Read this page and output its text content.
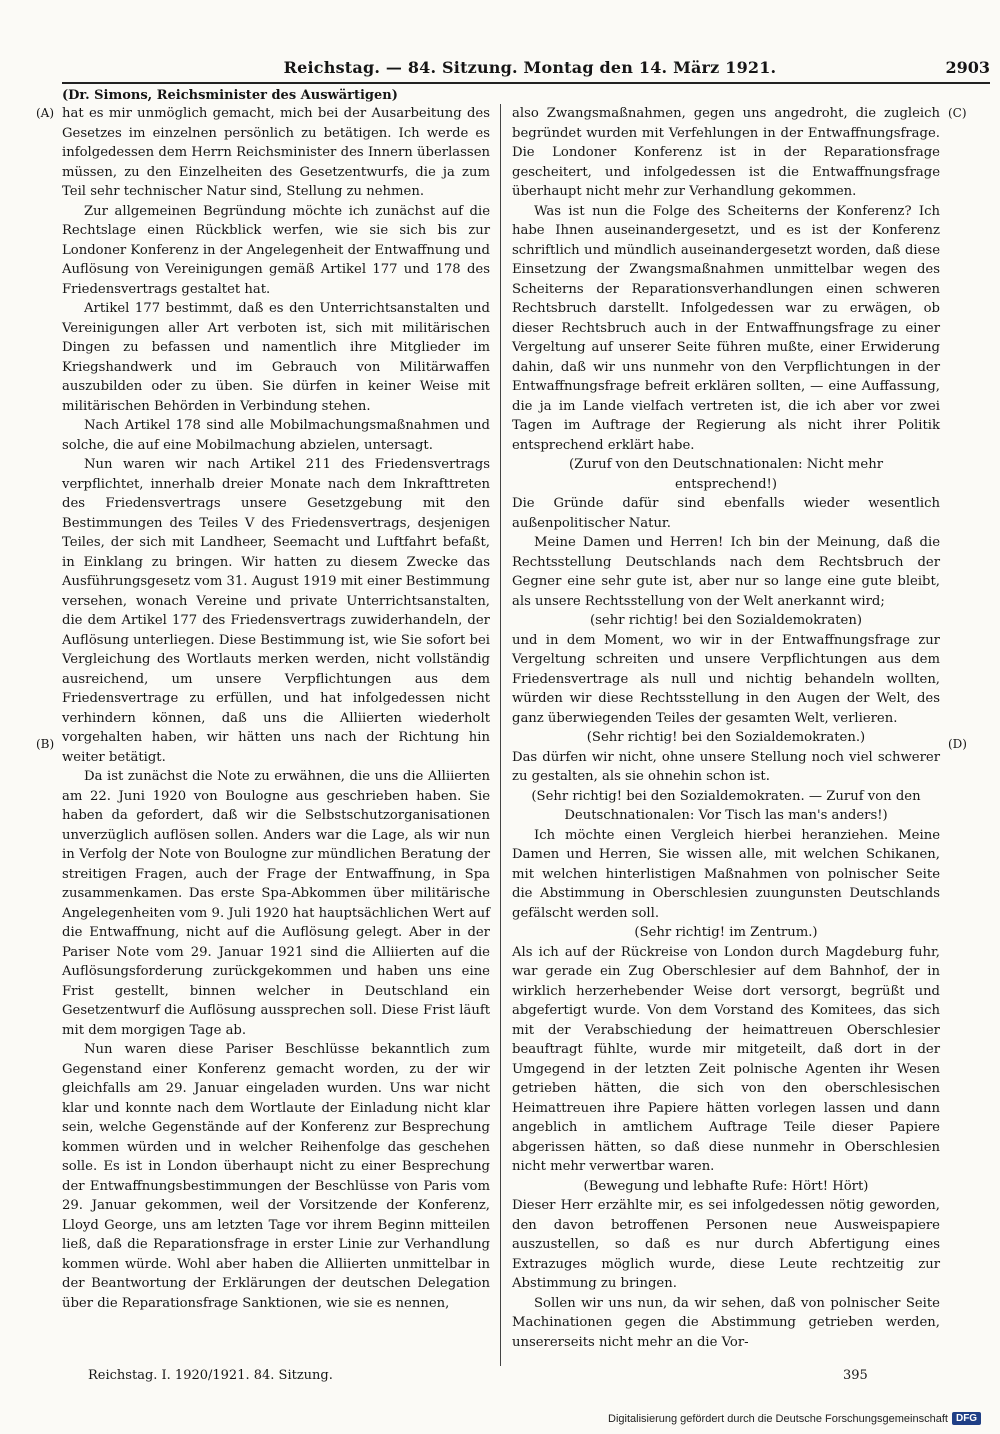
Reichstag. — 84. Sitzung. Montag den 14. März 1921.	2903
(Dr. Simons, Reichsminister des Auswärtigen)
(A)
(B)
(C)
(D)

hat es mir unmöglich gemacht, mich bei der Ausarbeitung des Gesetzes im einzelnen persönlich zu betätigen. Ich werde es infolgedessen dem Herrn Reichsminister des Innern überlassen müssen, zu den Einzelheiten des Gesetzentwurfs, die ja zum Teil sehr technischer Natur sind, Stellung zu nehmen.

Zur allgemeinen Begründung möchte ich zunächst auf die Rechtslage einen Rückblick werfen, wie sie sich bis zur Londoner Konferenz in der Angelegenheit der Entwaffnung und Auflösung von Vereinigungen gemäß Artikel 177 und 178 des Friedensvertrags gestaltet hat.

Artikel 177 bestimmt, daß es den Unterrichtsanstalten und Vereinigungen aller Art verboten ist, sich mit militärischen Dingen zu befassen und namentlich ihre Mitglieder im Kriegshandwerk und im Gebrauch von Militärwaffen auszubilden oder zu üben. Sie dürfen in keiner Weise mit militärischen Behörden in Verbindung stehen.

Nach Artikel 178 sind alle Mobilmachungsmaßnahmen und solche, die auf eine Mobilmachung abzielen, untersagt.

Nun waren wir nach Artikel 211 des Friedensvertrags verpflichtet, innerhalb dreier Monate nach dem Inkrafttreten des Friedensvertrags unsere Gesetzgebung mit den Bestimmungen des Teiles V des Friedensvertrags, desjenigen Teiles, der sich mit Landheer, Seemacht und Luftfahrt befaßt, in Einklang zu bringen. Wir hatten zu diesem Zwecke das Ausführungsgesetz vom 31. August 1919 mit einer Bestimmung versehen, wonach Vereine und private Unterrichtsanstalten, die dem Artikel 177 des Friedensvertrags zuwiderhandeln, der Auflösung unterliegen. Diese Bestimmung ist, wie Sie sofort bei Vergleichung des Wortlauts merken werden, nicht vollständig ausreichend, um unsere Verpflichtungen aus dem Friedensvertrage zu erfüllen, und hat infolgedessen nicht verhindern können, daß uns die Alliierten wiederholt vorgehalten haben, wir hätten uns nach der Richtung hin weiter betätigt.

Da ist zunächst die Note zu erwähnen, die uns die Alliierten am 22. Juni 1920 von Boulogne aus geschrieben haben. Sie haben da gefordert, daß wir die Selbstschutzorganisationen unverzüglich auflösen sollen. Anders war die Lage, als wir nun in Verfolg der Note von Boulogne zur mündlichen Beratung der streitigen Fragen, auch der Frage der Entwaffnung, in Spa zusammenkamen. Das erste Spa-Abkommen über militärische Angelegenheiten vom 9. Juli 1920 hat hauptsächlichen Wert auf die Entwaffnung, nicht auf die Auflösung gelegt. Aber in der Pariser Note vom 29. Januar 1921 sind die Alliierten auf die Auflösungsforderung zurückgekommen und haben uns eine Frist gestellt, binnen welcher in Deutschland ein Gesetzentwurf die Auflösung aussprechen soll. Diese Frist läuft mit dem morgigen Tage ab.

Nun waren diese Pariser Beschlüsse bekanntlich zum Gegenstand einer Konferenz gemacht worden, zu der wir gleichfalls am 29. Januar eingeladen wurden. Uns war nicht klar und konnte nach dem Wortlaute der Einladung nicht klar sein, welche Gegenstände auf der Konferenz zur Besprechung kommen würden und in welcher Reihenfolge das geschehen solle. Es ist in London überhaupt nicht zu einer Besprechung der Entwaffnungsbestimmungen der Beschlüsse von Paris vom 29. Januar gekommen, weil der Vorsitzende der Konferenz, Lloyd George, uns am letzten Tage vor ihrem Beginn mitteilen ließ, daß die Reparationsfrage in erster Linie zur Verhandlung kommen würde. Wohl aber haben die Alliierten unmittelbar in der Beantwortung der Erklärungen der deutschen Delegation über die Reparationsfrage Sanktionen, wie sie es nennen,

also Zwangsmaßnahmen, gegen uns angedroht, die zugleich begründet wurden mit Verfehlungen in der Entwaffnungsfrage. Die Londoner Konferenz ist in der Reparationsfrage gescheitert, und infolgedessen ist die Entwaffnungsfrage überhaupt nicht mehr zur Verhandlung gekommen.

Was ist nun die Folge des Scheiterns der Konferenz? Ich habe Ihnen auseinandergesetzt, und es ist der Konferenz schriftlich und mündlich auseinandergesetzt worden, daß diese Einsetzung der Zwangsmaßnahmen unmittelbar wegen des Scheiterns der Reparationsverhandlungen einen schweren Rechtsbruch darstellt. Infolgedessen war zu erwägen, ob dieser Rechtsbruch auch in der Entwaffnungsfrage zu einer Vergeltung auf unserer Seite führen mußte, einer Erwiderung dahin, daß wir uns nunmehr von den Verpflichtungen in der Entwaffnungsfrage befreit erklären sollten, — eine Auffassung, die ja im Lande vielfach vertreten ist, die ich aber vor zwei Tagen im Auftrage der Regierung als nicht ihrer Politik entsprechend erklärt habe.

(Zuruf von den Deutschnationalen: Nicht mehr entsprechend!)

Die Gründe dafür sind ebenfalls wieder wesentlich außenpolitischer Natur.

Meine Damen und Herren! Ich bin der Meinung, daß die Rechtsstellung Deutschlands nach dem Rechtsbruch der Gegner eine sehr gute ist, aber nur so lange eine gute bleibt, als unsere Rechtsstellung von der Welt anerkannt wird;

(sehr richtig! bei den Sozialdemokraten)

und in dem Moment, wo wir in der Entwaffnungsfrage zur Vergeltung schreiten und unsere Verpflichtungen aus dem Friedensvertrage als null und nichtig behandeln wollten, würden wir diese Rechtsstellung in den Augen der Welt, des ganz überwiegenden Teiles der gesamten Welt, verlieren.

(Sehr richtig! bei den Sozialdemokraten.)

Das dürfen wir nicht, ohne unsere Stellung noch viel schwerer zu gestalten, als sie ohnehin schon ist.

(Sehr richtig! bei den Sozialdemokraten. — Zuruf von den Deutschnationalen: Vor Tisch las man's anders!)

Ich möchte einen Vergleich hierbei heranziehen. Meine Damen und Herren, Sie wissen alle, mit welchen Schikanen, mit welchen hinterlistigen Maßnahmen von polnischer Seite die Abstimmung in Oberschlesien zuungunsten Deutschlands gefälscht werden soll.

(Sehr richtig! im Zentrum.)

Als ich auf der Rückreise von London durch Magdeburg fuhr, war gerade ein Zug Oberschlesier auf dem Bahnhof, der in wirklich herzerhebender Weise dort versorgt, begrüßt und abgefertigt wurde. Von dem Vorstand des Komitees, das sich mit der Verabschiedung der heimattreuen Oberschlesier beauftragt fühlte, wurde mir mitgeteilt, daß dort in der Umgegend in der letzten Zeit polnische Agenten ihr Wesen getrieben hätten, die sich von den oberschlesischen Heimattreuen ihre Papiere hätten vorlegen lassen und dann angeblich in amtlichem Auftrage Teile dieser Papiere abgerissen hätten, so daß diese nunmehr in Oberschlesien nicht mehr verwertbar waren.

(Bewegung und lebhafte Rufe: Hört! Hört)

Dieser Herr erzählte mir, es sei infolgedessen nötig geworden, den davon betroffenen Personen neue Ausweispapiere auszustellen, so daß es nur durch Abfertigung eines Extrazuges möglich wurde, diese Leute rechtzeitig zur Abstimmung zu bringen.

Sollen wir uns nun, da wir sehen, daß von polnischer Seite Machinationen gegen die Abstimmung getrieben werden, unsererseits nicht mehr an die Vor-

Reichstag. I. 1920/1921. 84. Sitzung.	395
Digitalisierung gefördert durch die Deutsche Forschungsgemeinschaft DFG
